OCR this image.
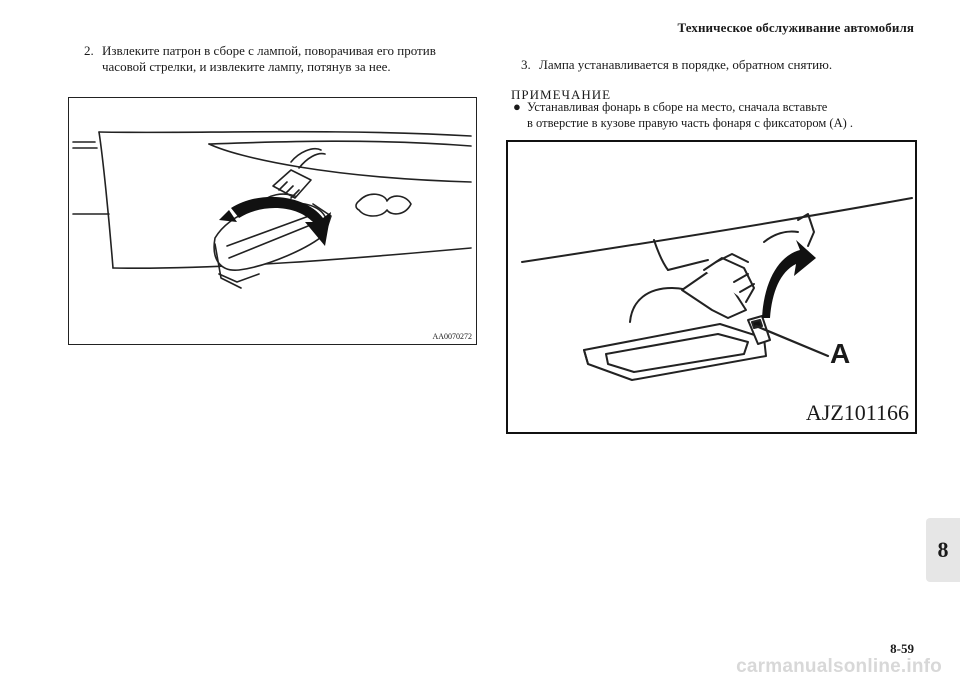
Техническое обслуживание автомобиля
2. Извлеките патрон в сборе с лампой, поворачивая его против
часовой стрелки, и извлеките лампу, потянув за нее.
AA0070272
3. Лампа устанавливается в порядке, обратном снятию.
ПРИМЕЧАНИЕ
● Устанавливая фонарь в сборе на место, сначала вставьте
в отверстие в кузове правую часть фонаря с фиксатором (А) .
A
AJZ101166
8
8-59
carmanualsonline.info
